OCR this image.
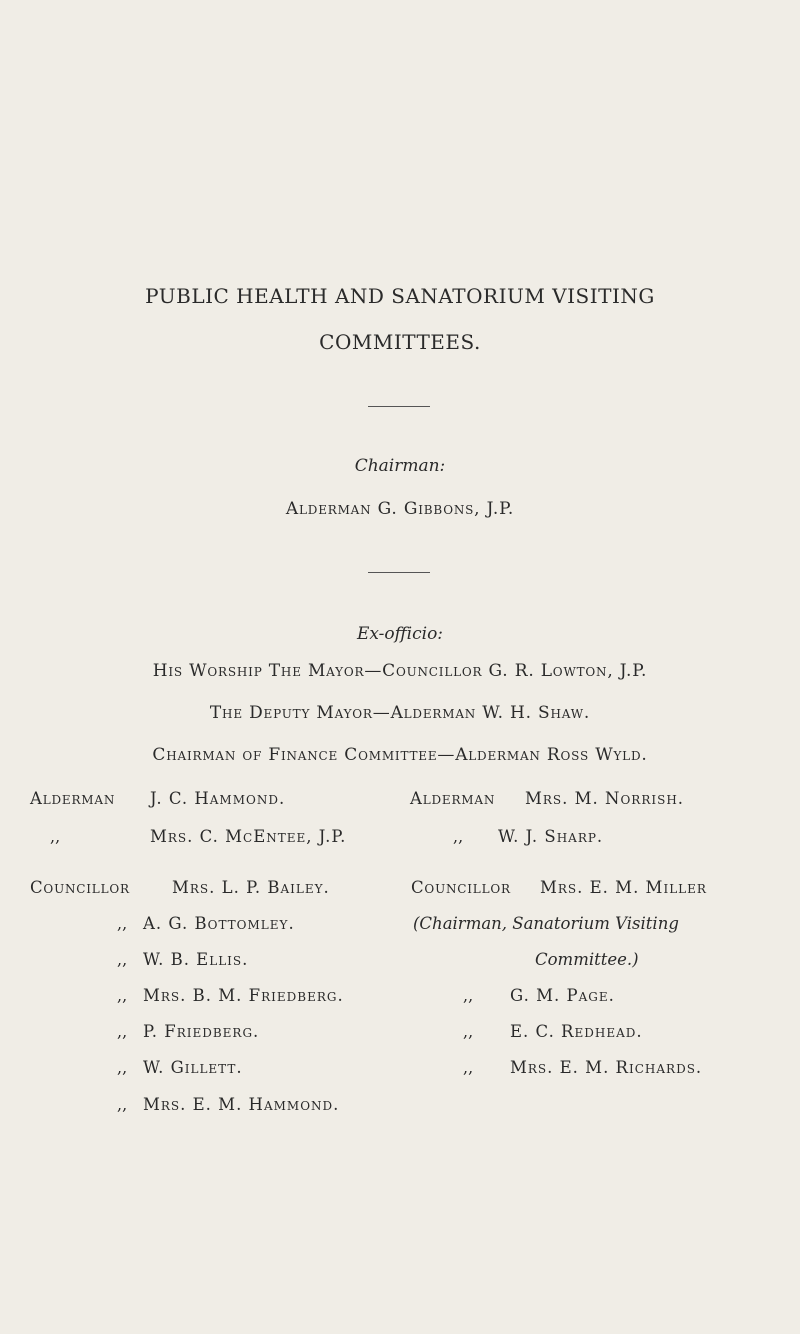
PUBLIC HEALTH AND SANATORIUM VISITING
COMMITTEES.
Chairman:
Alderman G. Gibbons, J.P.
Ex-officio:
His Worship The Mayor—Councillor G. R. Lowton, J.P.
The Deputy Mayor—Alderman W. H. Shaw.
Chairman of Finance Committee—Alderman Ross Wyld.
Alderman J. C. Hammond.
,,	Mrs. C. McEntee, J.P.
Alderman Mrs. M. Norrish.
,, W. J. Sharp.
Councillor	Mrs. L. P. Bailey.
,, A. G. Bottomley.
,, W. B. Ellis.
,, Mrs. B. M. Friedberg.
,, P. Friedberg.
,, W. Gillett.
,, Mrs. E. M. Hammond.
Councillor Mrs. E. M. Miller
(Chairman, Sanatorium Visiting
Committee.)
,, G. M. Page.
,, E. C. Redhead.
,, Mrs. E. M. Richards.
